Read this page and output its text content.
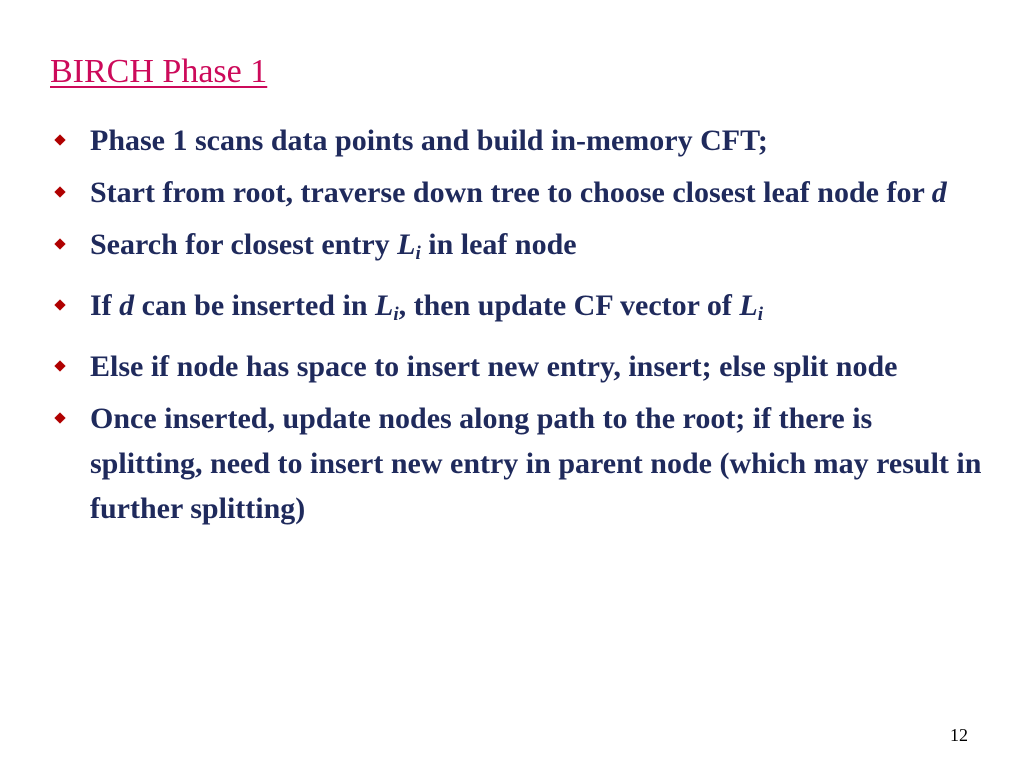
BIRCH Phase 1
Phase 1 scans data points and build in-memory CFT;
Start from root, traverse down tree to choose closest leaf node for d
Search for closest entry $L_i$ in leaf node
If d can be inserted in $L_i$, then update CF vector of $L_i$
Else if node has space to insert new entry, insert; else split node
Once inserted, update nodes along path to the root; if there is splitting, need to insert new entry in parent node (which may result in further splitting)
12
